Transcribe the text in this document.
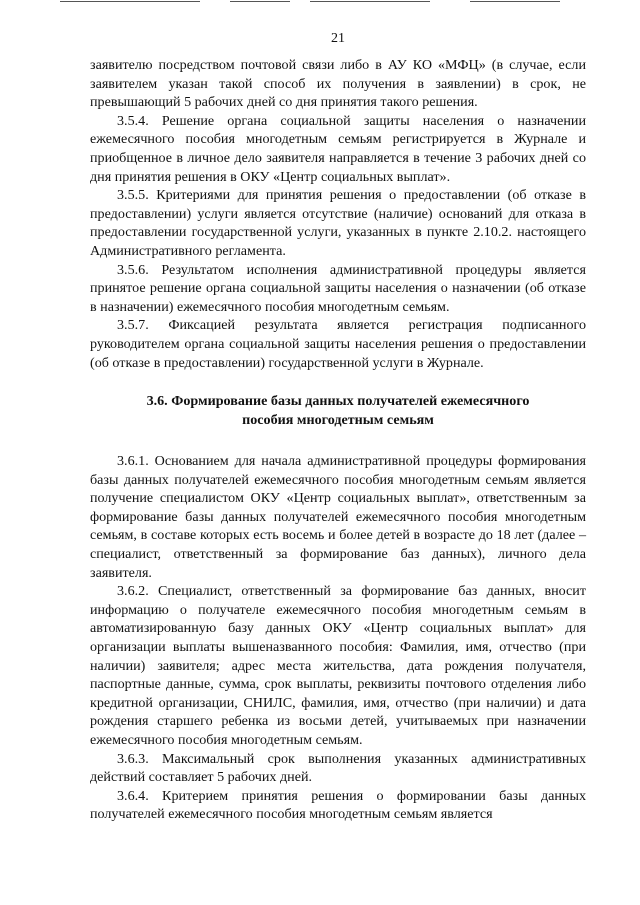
21

заявителю посредством почтовой связи либо в АУ КО «МФЦ» (в случае, если заявителем указан такой способ их получения в заявлении) в срок, не превышающий 5 рабочих дней со дня принятия такого решения.

3.5.4. Решение органа социальной защиты населения о назначении ежемесячного пособия многодетным семьям регистрируется в Журнале и приобщенное в личное дело заявителя направляется в течение 3 рабочих дней со дня принятия решения в ОКУ «Центр социальных выплат».

3.5.5. Критериями для принятия решения о предоставлении (об отказе в предоставлении) услуги является отсутствие (наличие) оснований для отказа в предоставлении государственной услуги, указанных в пункте 2.10.2. настоящего Административного регламента.

3.5.6. Результатом исполнения административной процедуры является принятое решение органа социальной защиты населения о назначении (об отказе в назначении) ежемесячного пособия многодетным семьям.

3.5.7. Фиксацией результата является регистрация подписанного руководителем органа социальной защиты населения решения о предоставлении (об отказе в предоставлении) государственной услуги в Журнале.

3.6. Формирование базы данных получателей ежемесячного пособия многодетным семьям

3.6.1. Основанием для начала административной процедуры формирования базы данных получателей ежемесячного пособия многодетным семьям является получение специалистом ОКУ «Центр социальных выплат», ответственным за формирование базы данных получателей ежемесячного пособия многодетным семьям, в составе которых есть восемь и более детей в возрасте до 18 лет (далее – специалист, ответственный за формирование баз данных), личного дела заявителя.

3.6.2. Специалист, ответственный за формирование баз данных, вносит информацию о получателе ежемесячного пособия многодетным семьям в автоматизированную базу данных ОКУ «Центр социальных выплат» для организации выплаты вышеназванного пособия: Фамилия, имя, отчество (при наличии) заявителя; адрес места жительства, дата рождения получателя, паспортные данные, сумма, срок выплаты, реквизиты почтового отделения либо кредитной организации, СНИЛС, фамилия, имя, отчество (при наличии) и дата рождения старшего ребенка из восьми детей, учитываемых при назначении ежемесячного пособия многодетным семьям.

3.6.3. Максимальный срок выполнения указанных административных действий составляет 5 рабочих дней.

3.6.4. Критерием принятия решения о формировании базы данных получателей ежемесячного пособия многодетным семьям является
